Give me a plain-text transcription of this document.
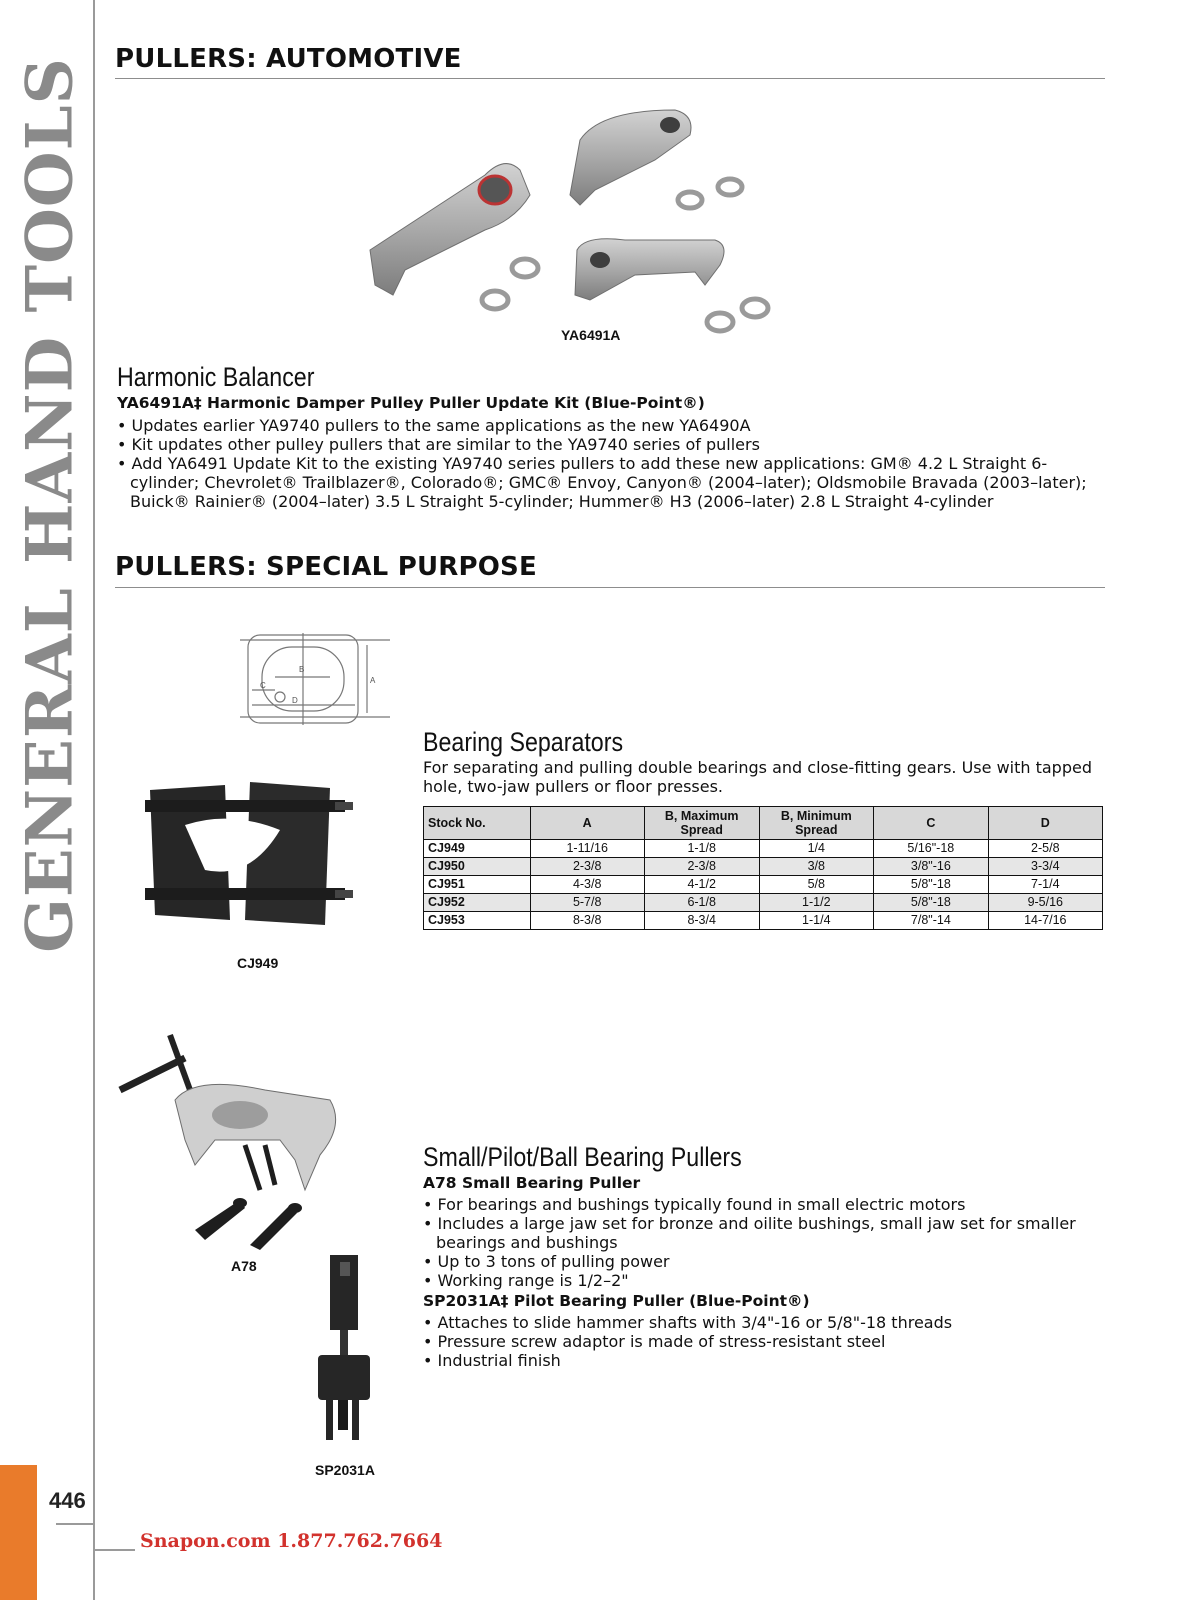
GENERAL HAND TOOLS
446
Snapon.com 1.877.762.7664
PULLERS: AUTOMOTIVE
YA6491A
Harmonic Balancer
YA6491A‡ Harmonic Damper Pulley Puller Update Kit (Blue-Point®)

• Updates earlier YA9740 pullers to the same applications as the new YA6490A

• Kit updates other pulley pullers that are similar to the YA9740 series of pullers

• Add YA6491 Update Kit to the existing YA9740 series pullers to add these new applications: GM® 4.2 L Straight 6-cylinder; Chevrolet® Trailblazer®, Colorado®; GMC® Envoy, Canyon® (2004–later); Oldsmobile Bravada (2003–later); Buick® Rainier® (2004–later) 3.5 L Straight 5-cylinder; Hummer® H3 (2006–later) 2.8 L Straight 4-cylinder

PULLERS: SPECIAL PURPOSE
B
A
C
D
CJ949
Bearing Separators
For separating and pulling double bearings and close-fitting gears. Use with tapped hole, two-jaw pullers or floor presses.
Stock No.	A	B, Maximum Spread	B, Minimum Spread	C	D
CJ949	1-11/16	1-1/8	1/4	5/16"-18	2-5/8
CJ950	2-3/8	2-3/8	3/8	3/8"-16	3-3/4
CJ951	4-3/8	4-1/2	5/8	5/8"-18	7-1/4
CJ952	5-7/8	6-1/8	1-1/2	5/8"-18	9-5/16
CJ953	8-3/8	8-3/4	1-1/4	7/8"-14	14-7/16
A78
SP2031A
Small/Pilot/Ball Bearing Pullers
A78 Small Bearing Puller

• For bearings and bushings typically found in small electric motors

• Includes a large jaw set for bronze and oilite bushings, small jaw set for smaller bearings and bushings

• Up to 3 tons of pulling power

• Working range is 1/2–2"

SP2031A‡ Pilot Bearing Puller (Blue-Point®)

• Attaches to slide hammer shafts with 3/4"-16 or 5/8"-18 threads

• Pressure screw adaptor is made of stress-resistant steel

• Industrial finish
